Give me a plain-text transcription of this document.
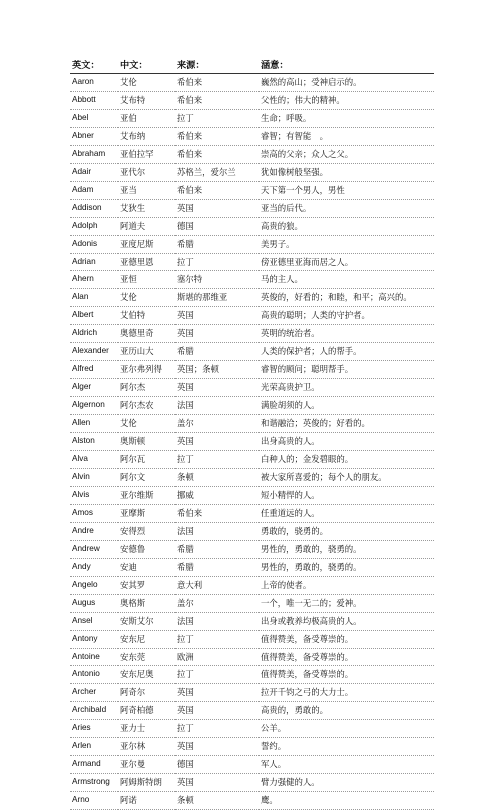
英文：	中文：	来源：	涵意：
Aaron	艾伦	希伯来	巍然的高山；受神启示的。
Abbott	艾布特	希伯来	父性的；伟大的精神。
Abel	亚伯	拉丁	生命；呼吸。
Abner	艾布纳	希伯来	睿智；有智能　。
Abraham	亚伯拉罕	希伯来	崇高的父亲；众人之父。
Adair	亚代尔	苏格兰，爱尔兰	犹如像树般坚强。
Adam	亚当	希伯来	天下第一个男人，男性
Addison	艾狄生	英国	亚当的后代。
Adolph	阿道夫	德国	高贵的狼。
Adonis	亚度尼斯	希腊	美男子。
Adrian	亚德里恩	拉丁	傍亚德里亚海而居之人。
Ahern	亚恒	塞尔特	马的主人。
Alan	艾伦	斯堪的那维亚	英俊的，好看的；和睦，和平；高兴的。
Albert	艾伯特	英国	高贵的聪明；人类的守护者。
Aldrich	奥德里奇	英国	英明的统治者。
Alexander	亚历山大	希腊	人类的保护者；人的帮手。
Alfred	亚尔弗列得	英国；条顿	睿智的顾问；聪明帮手。
Alger	阿尔杰	英国	光荣高贵护卫。
Algernon	阿尔杰农	法国	满脸胡须的人。
Allen	艾伦	盖尔	和谐融洽；英俊的；好看的。
Alston	奥斯顿	英国	出身高贵的人。
Alva	阿尔瓦	拉丁	白种人的；金发碧眼的。
Alvin	阿尔文	条顿	被大家所喜爱的；每个人的朋友。
Alvis	亚尔维斯	挪威	短小精悍的人。
Amos	亚摩斯	希伯来	任重道远的人。
Andre	安得烈	法国	勇敢的，骁勇的。
Andrew	安德鲁	希腊	男性的，勇敢的，骁勇的。
Andy	安迪	希腊	男性的，勇敢的，骁勇的。
Angelo	安其罗	意大利	上帝的使者。
Augus	奥格斯	盖尔	一个，唯一无二的；爱神。
Ansel	安斯艾尔	法国	出身或教养均极高贵的人。
Antony	安东尼	拉丁	值得赞美，备受尊崇的。
Antoine	安东莞	欧洲	值得赞美，备受尊崇的。
Antonio	安东尼奥	拉丁	值得赞美，备受尊崇的。
Archer	阿奇尔	英国	拉开千钧之弓的大力士。
Archibald	阿奇柏德	英国	高贵的，勇敢的。
Aries	亚力士	拉丁	公羊。
Arlen	亚尔林	英国	誓约。
Armand	亚尔曼	德国	军人。
Armstrong	阿姆斯特朗	英国	臂力强健的人。
Arno	阿诺	条顿	鹰。
